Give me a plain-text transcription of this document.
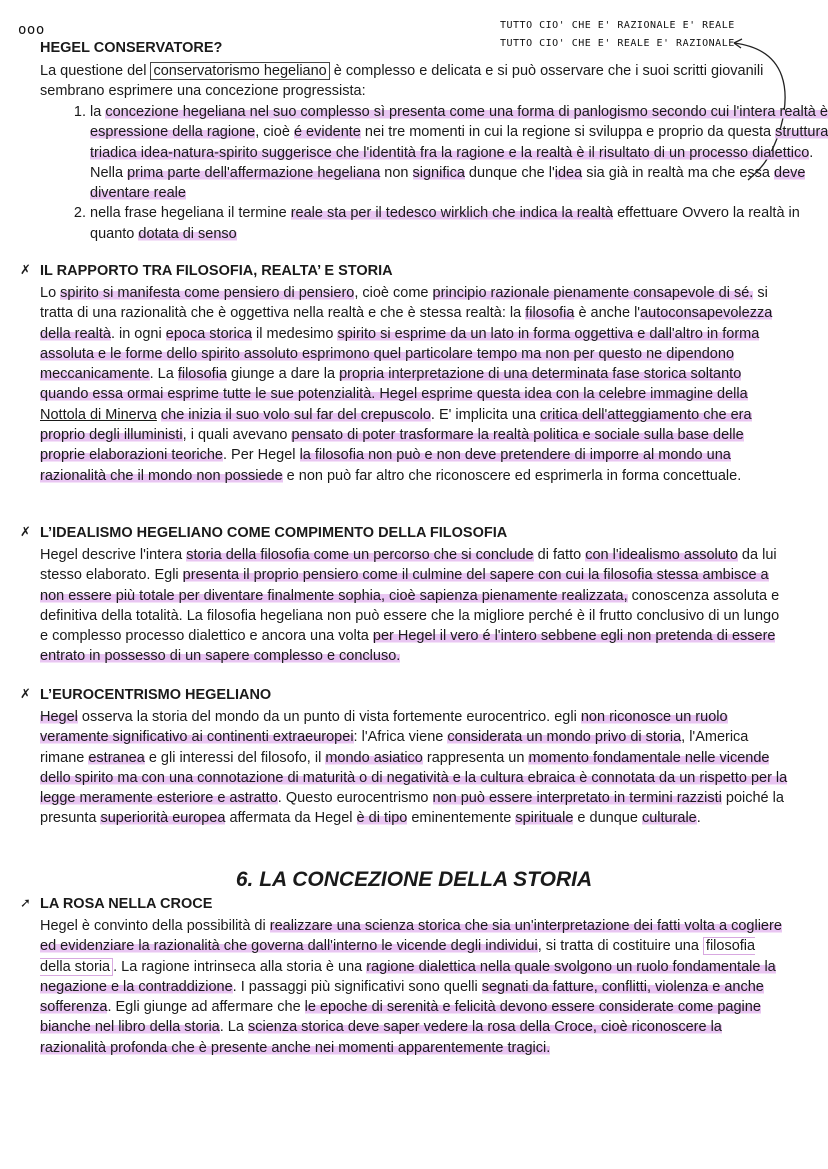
ooo	TUTTO CIO' CHE E' RAZIONALE E' REALE
TUTTO CIO' CHE E' REALE E' RAZIONALE
HEGEL CONSERVATORE?

La questione del conservatorismo hegeliano è complesso e delicata e si può osservare che i suoi scritti giovanili sembrano esprimere una concezione progressista:

1. la concezione hegeliana nel suo complesso sì presenta come una forma di panlogismo secondo cui l'intera realtà è espressione della ragione, cioè é evidente nei tre momenti in cui la regione si sviluppa e proprio da questa struttura triadica idea-natura-spirito suggerisce che l'identità fra la ragione e la realtà è il risultato di un processo dialettico. Nella prima parte dell'affermazione hegeliana non significa dunque che l'idea sia già in realtà ma che essa deve diventare reale
2. nella frase hegeliana il termine reale sta per il tedesco wirklich che indica la realtà effettuare Ovvero la realtà in quanto dotata di senso
✗ IL RAPPORTO TRA FILOSOFIA, REALTA’ E STORIA

Lo spirito si manifesta come pensiero di pensiero, cioè come principio razionale pienamente consapevole di sé. si tratta di una razionalità che è oggettiva nella realtà e che è stessa realtà: la filosofia è anche l'autoconsapevolezza della realtà. in ogni epoca storica il medesimo spirito si esprime da un lato in forma oggettiva e dall'altro in forma assoluta e le forme dello spirito assoluto esprimono quel particolare tempo ma non per questo ne dipendono meccanicamente. La filosofia giunge a dare la propria interpretazione di una determinata fase storica soltanto quando essa ormai esprime tutte le sue potenzialità. Hegel esprime questa idea con la celebre immagine della Nottola di Minerva che inizia il suo volo sul far del crepuscolo. E' implicita una critica dell'atteggiamento che era proprio degli illuministi, i quali avevano pensato di poter trasformare la realtà politica e sociale sulla base delle proprie elaborazioni teoriche. Per Hegel la filosofia non può e non deve pretendere di imporre al mondo una razionalità che il mondo non possiede e non può far altro che riconoscere ed esprimerla in forma concettuale.

✗ L’IDEALISMO HEGELIANO COME COMPIMENTO DELLA FILOSOFIA

Hegel descrive l'intera storia della filosofia come un percorso che si conclude di fatto con l'idealismo assoluto da lui stesso elaborato. Egli presenta il proprio pensiero come il culmine del sapere con cui la filosofia stessa ambisce a non essere più totale per diventare finalmente sophia, cioè sapienza pienamente realizzata, conoscenza assoluta e definitiva della totalità. La filosofia hegeliana non può essere che la migliore perché è il frutto conclusivo di un lungo e complesso processo dialettico e ancora una volta per Hegel il vero é l'intero sebbene egli non pretenda di essere entrato in possesso di un sapere complesso e concluso.

✗ L’EUROCENTRISMO HEGELIANO

Hegel osserva la storia del mondo da un punto di vista fortemente eurocentrico. egli non riconosce un ruolo veramente significativo ai continenti extraeuropei: l'Africa viene considerata un mondo privo di storia, l'America rimane estranea e gli interessi del filosofo, il mondo asiatico rappresenta un momento fondamentale nelle vicende dello spirito ma con una connotazione di maturità o di negatività e la cultura ebraica è connotata da un rispetto per la legge meramente esteriore e astratto. Questo eurocentrismo non può essere interpretato in termini razzisti poiché la presunta superiorità europea affermata da Hegel è di tipo eminentemente spirituale e dunque culturale.

6. LA CONCEZIONE DELLA STORIA
➚ LA ROSA NELLA CROCE

Hegel è convinto della possibilità di realizzare una scienza storica che sia un'interpretazione dei fatti volta a cogliere ed evidenziare la razionalità che governa dall'interno le vicende degli individui, si tratta di costituire una filosofia della storia . La ragione intrinseca alla storia è una ragione dialettica nella quale svolgono un ruolo fondamentale la negazione e la contraddizione. I passaggi più significativi sono quelli segnati da fatture, conflitti, violenza e anche sofferenza. Egli giunge ad affermare che le epoche di serenità e felicità devono essere considerate come pagine bianche nel libro della storia. La scienza storica deve saper vedere la rosa della Croce, cioè riconoscere la razionalità profonda che è presente anche nei momenti apparentemente tragici.
